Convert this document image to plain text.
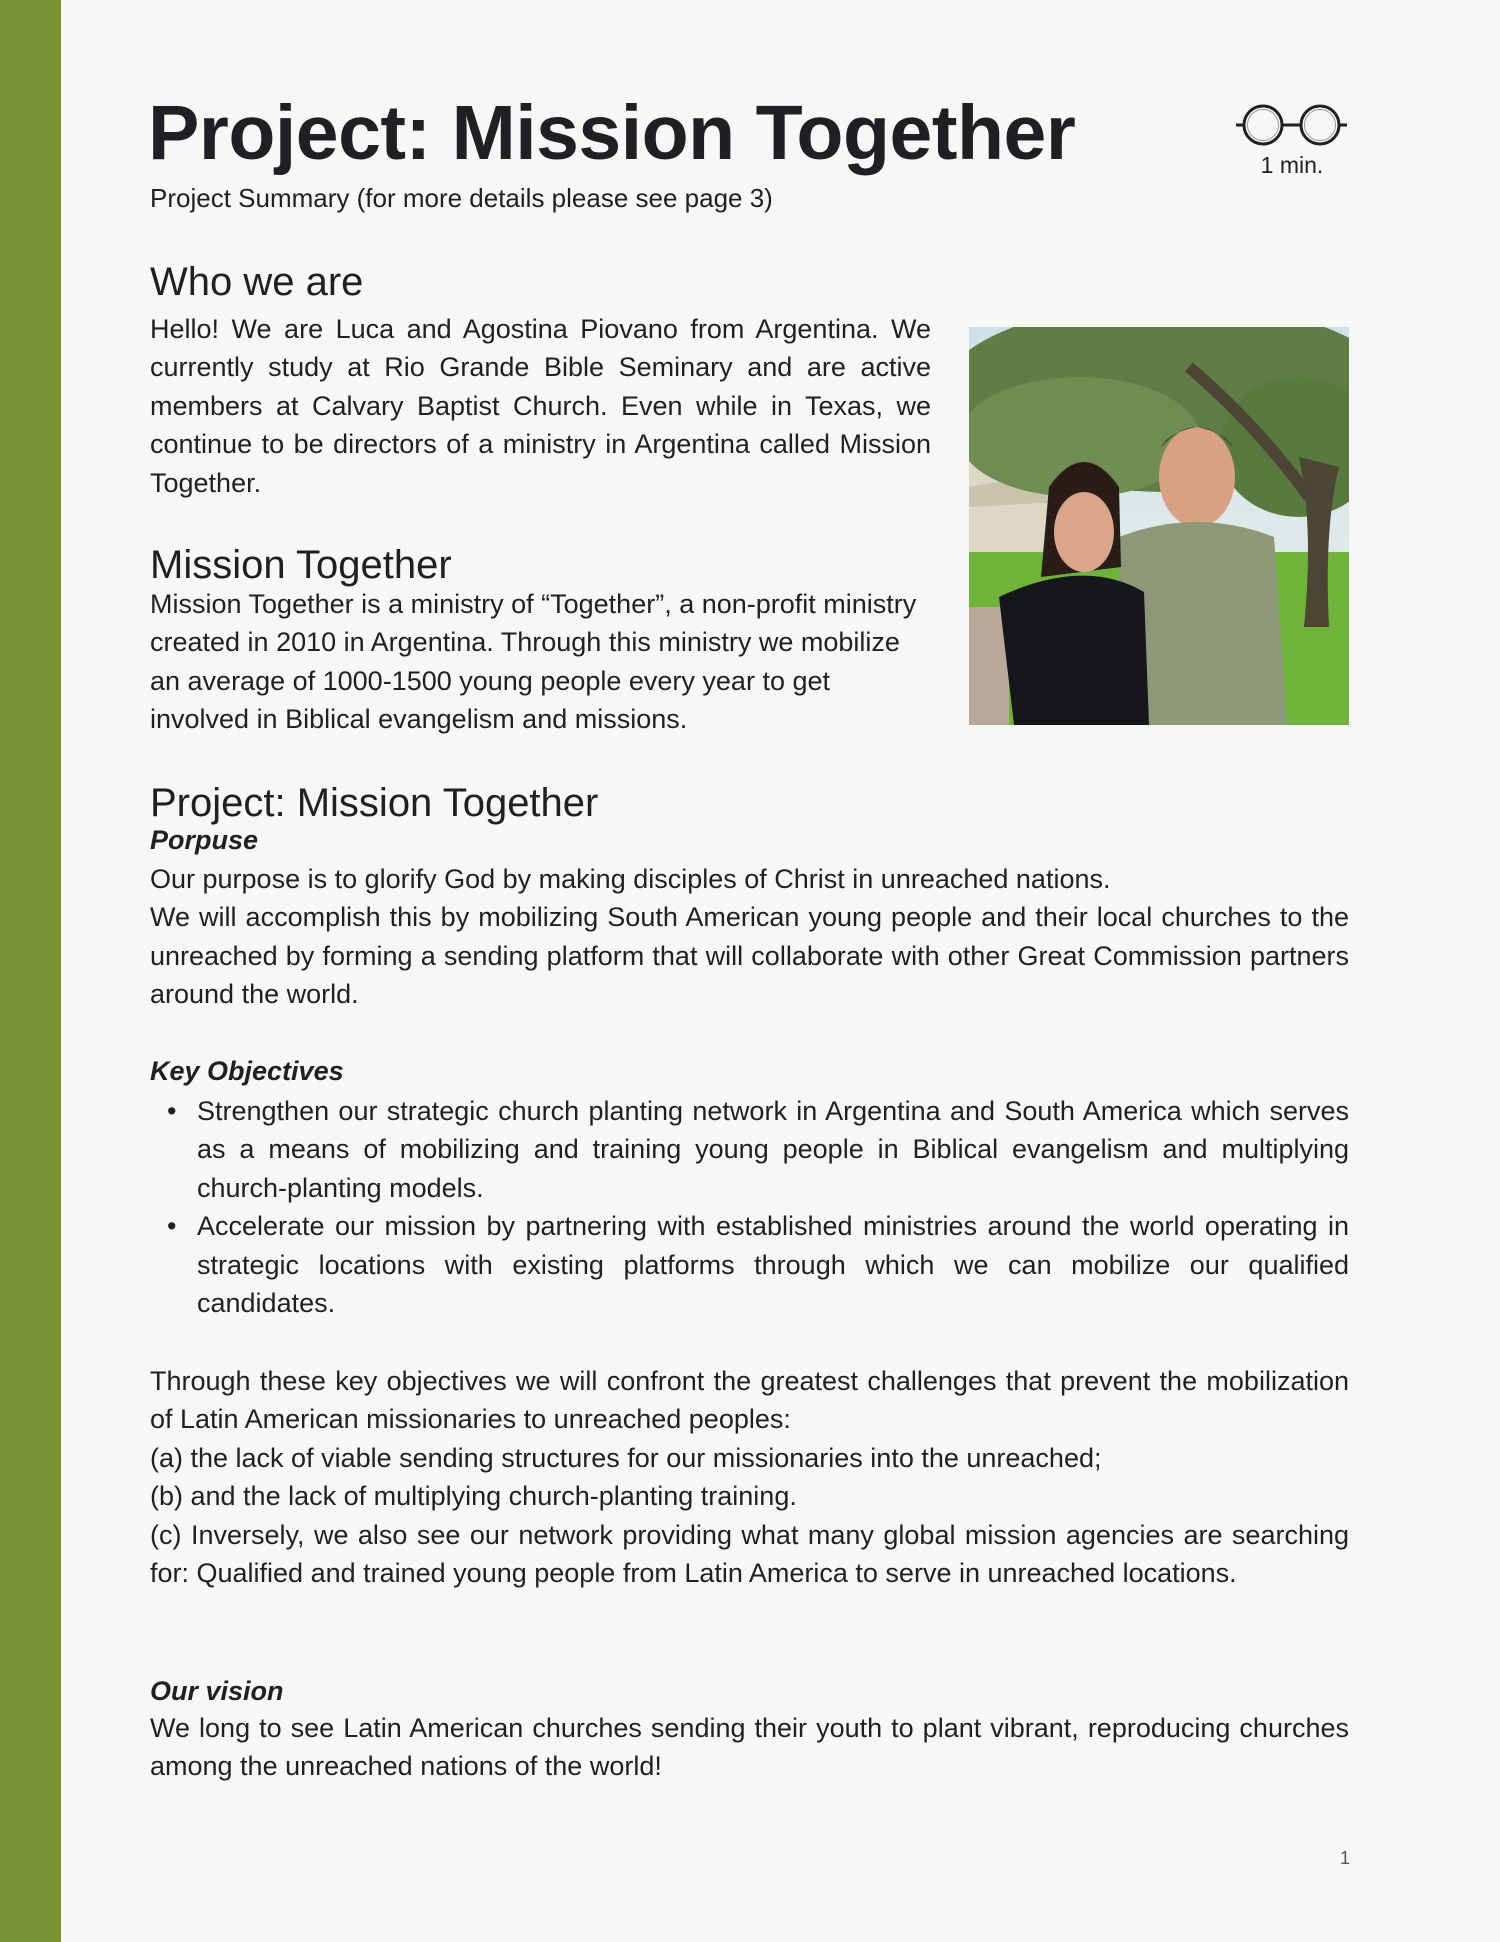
Project: Mission Together
Project Summary (for more details please see page 3)
1 min.
Who we are

Hello! We are Luca and Agostina Piovano from Argentina. We currently study at Rio Grande Bible Seminary and are active members at Calvary Baptist Church. Even while in Texas, we continue to be directors of a ministry in Argentina called Mission Together.

Mission Together

Mission Together is a ministry of “Together”, a non-profit ministry created in 2010 in Argentina. Through this ministry we mobilize an average of 1000-1500 young people every year to get involved in Biblical evangelism and missions.

Project: Mission Together
Porpuse

Our purpose is to glorify God by making disciples of Christ in unreached nations.

We will accomplish this by mobilizing South American young people and their local churches to the unreached by forming a sending platform that will collaborate with other Great Commission partners around the world.

Key Objectives
• Strengthen our strategic church planting network in Argentina and South America which serves as a means of mobilizing and training young people in Biblical evangelism and multiplying church-planting models.
• Accelerate our mission by partnering with established ministries around the world operating in strategic locations with existing platforms through which we can mobilize our qualified candidates.

Through these key objectives we will confront the greatest challenges that prevent the mobilization of Latin American missionaries to unreached peoples:

(a) the lack of viable sending structures for our missionaries into the unreached;

(b) and the lack of multiplying church-planting training.

(c) Inversely, we also see our network providing what many global mission agencies are searching for: Qualified and trained young people from Latin America to serve in unreached locations.

Our vision

We long to see Latin American churches sending their youth to plant vibrant, reproducing churches among the unreached nations of the world!

1
